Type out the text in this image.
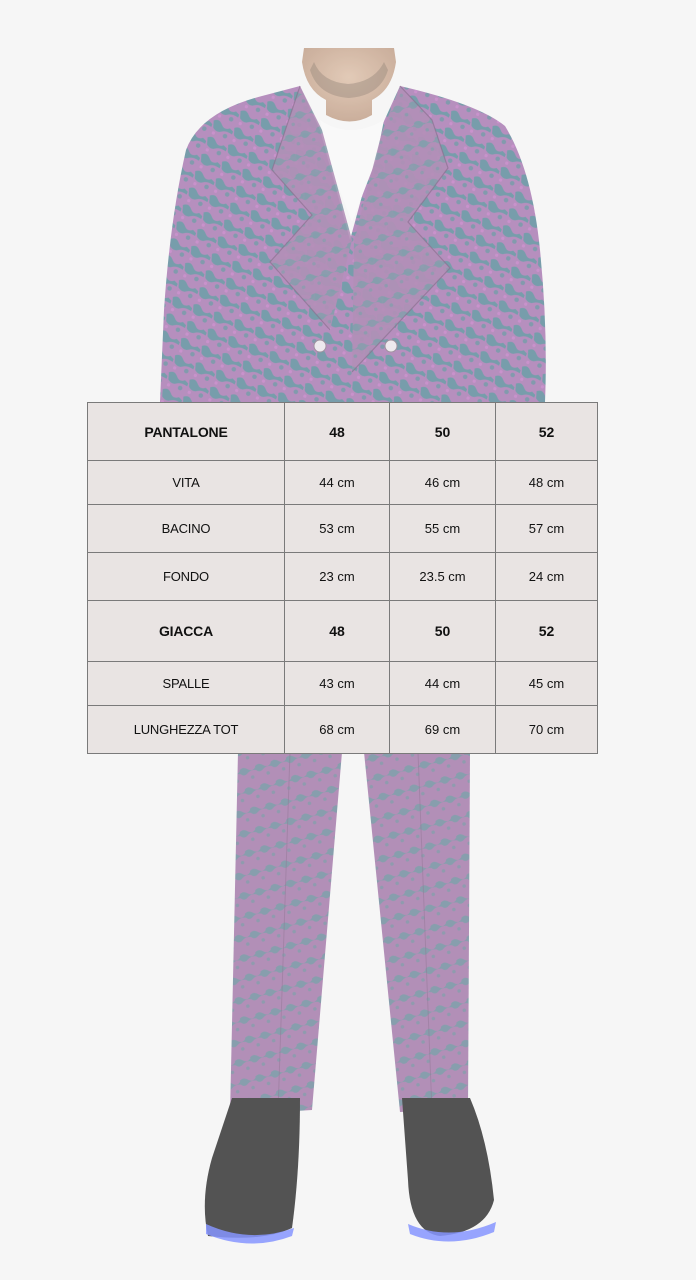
PANTALONE	48	50	52
VITA	44 cm	46 cm	48 cm
BACINO	53 cm	55 cm	57 cm
FONDO	23 cm	23.5 cm	24 cm
GIACCA	48	50	52
SPALLE	43 cm	44 cm	45 cm
LUNGHEZZA TOT	68 cm	69 cm	70 cm
